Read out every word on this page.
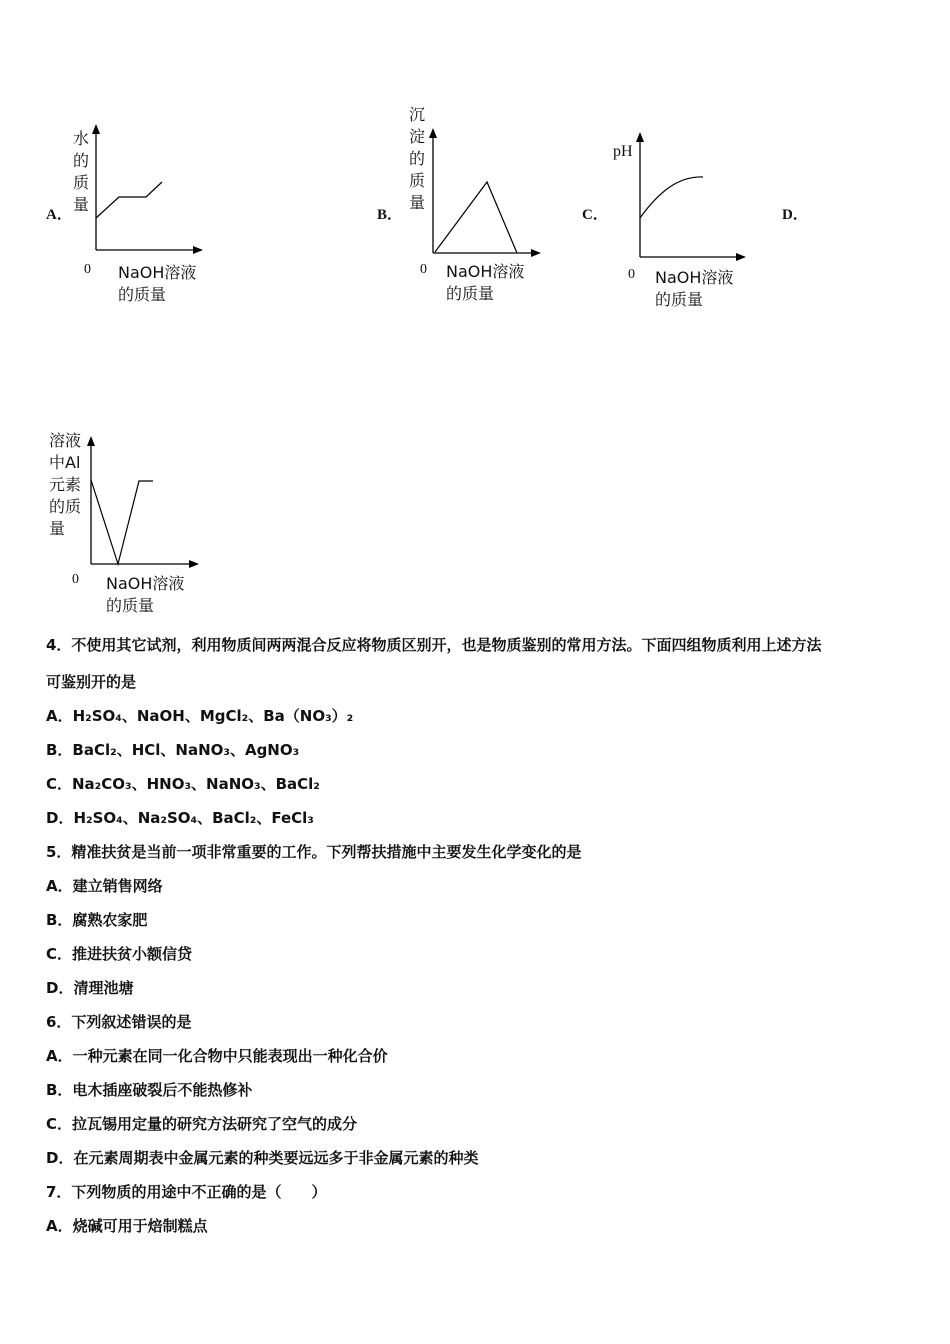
A．	B．	C．	D．
水
的
质
量
0 NaOH溶液
的质量
沉
淀
的
质
量
0 NaOH溶液
的质量
pH
0 NaOH溶液
的质量
溶液
中Al
元素
的质
量
0 NaOH溶液
的质量
4．不使用其它试剂，利用物质间两两混合反应将物质区别开，也是物质鉴别的常用方法。下面四组物质利用上述方法
可鉴别开的是
A．H₂SO₄、NaOH、MgCl₂、Ba（NO₃）₂
B．BaCl₂、HCl、NaNO₃、AgNO₃
C．Na₂CO₃、HNO₃、NaNO₃、BaCl₂
D．H₂SO₄、Na₂SO₄、BaCl₂、FeCl₃
5．精准扶贫是当前一项非常重要的工作。下列帮扶措施中主要发生化学变化的是
A．建立销售网络
B．腐熟农家肥
C．推进扶贫小额信贷
D．清理池塘
6．下列叙述错误的是
A．一种元素在同一化合物中只能表现出一种化合价
B．电木插座破裂后不能热修补
C．拉瓦锡用定量的研究方法研究了空气的成分
D．在元素周期表中金属元素的种类要远远多于非金属元素的种类
7．下列物质的用途中不正确的是（　　）
A．烧碱可用于焙制糕点
